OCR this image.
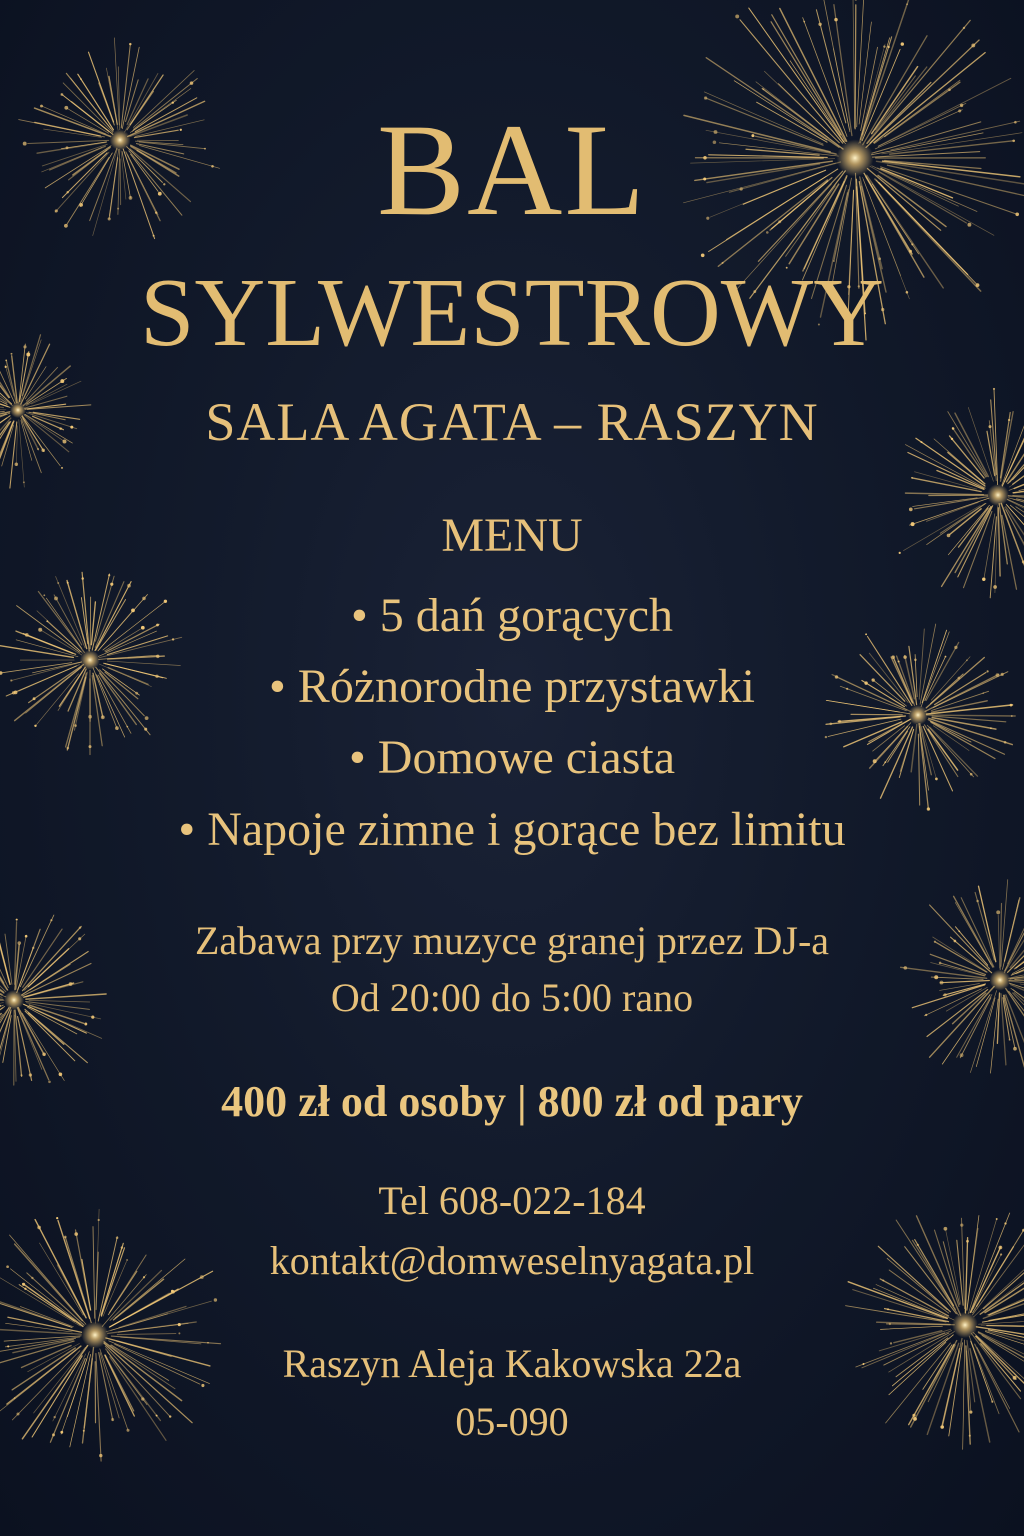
BAL
SYLWESTROWY
SALA AGATA – RASZYN
MENU
• 5 dań gorących
• Różnorodne przystawki
• Domowe ciasta
• Napoje zimne i gorące bez limitu
Zabawa przy muzyce granej przez DJ-a
Od 20:00 do 5:00 rano
400 zł od osoby | 800 zł od pary
Tel 608-022-184
kontakt@domweselnyagata.pl
Raszyn Aleja Kakowska 22a
05-090
